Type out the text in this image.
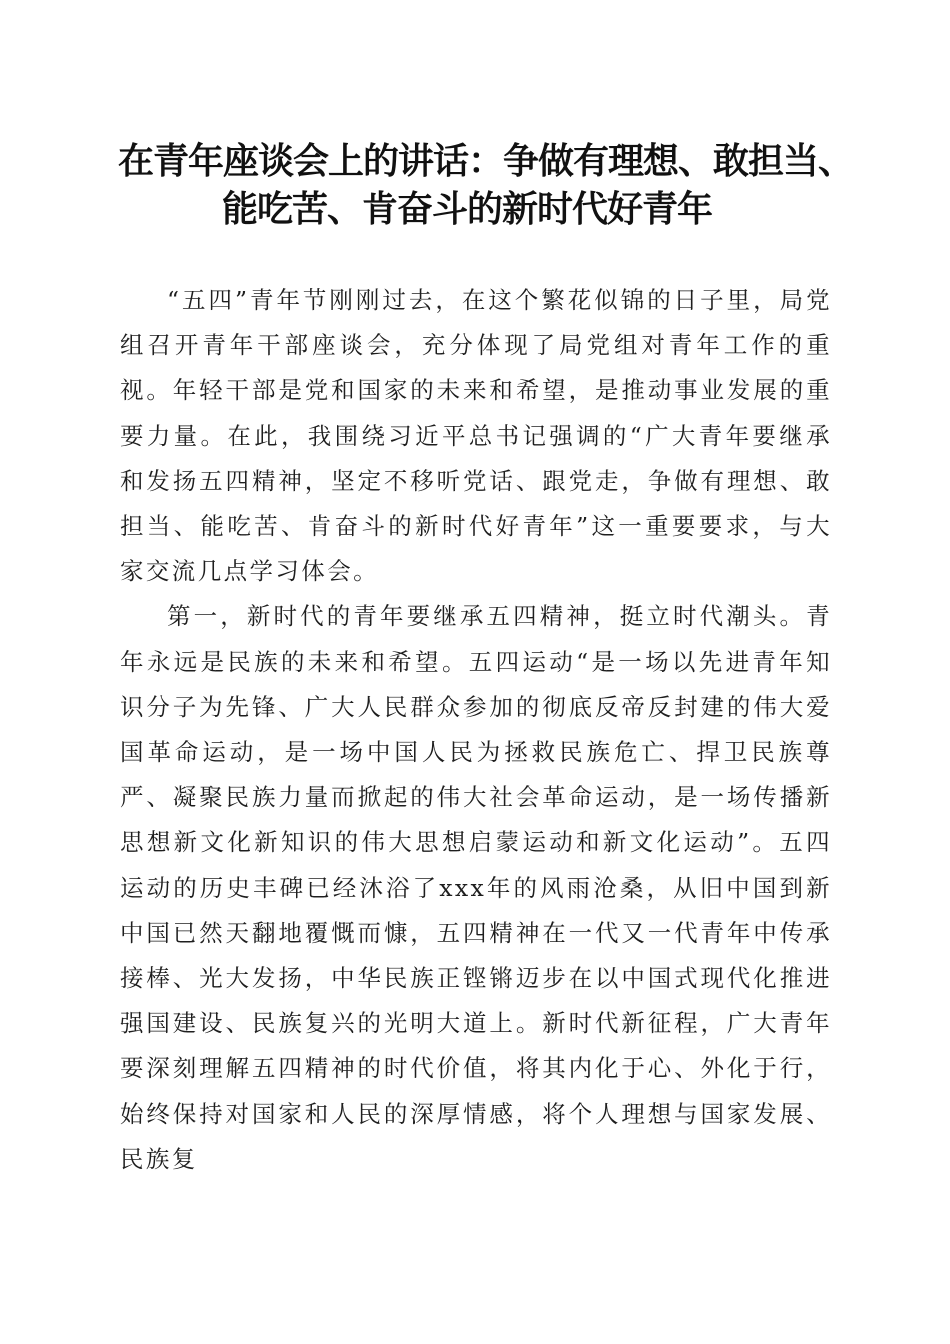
在青年座谈会上的讲话：争做有理想、敢担当、
能吃苦、肯奋斗的新时代好青年

“五四”青年节刚刚过去，在这个繁花似锦的日子里，局党组召开青年干部座谈会，充分体现了局党组对青年工作的重视。年轻干部是党和国家的未来和希望，是推动事业发展的重要力量。在此，我围绕习近平总书记强调的“广大青年要继承和发扬五四精神，坚定不移听党话、跟党走，争做有理想、敢担当、能吃苦、肯奋斗的新时代好青年”这一重要要求，与大家交流几点学习体会。

第一，新时代的青年要继承五四精神，挺立时代潮头。青年永远是民族的未来和希望。五四运动“是一场以先进青年知识分子为先锋、广大人民群众参加的彻底反帝反封建的伟大爱国革命运动，是一场中国人民为拯救民族危亡、捍卫民族尊严、凝聚民族力量而掀起的伟大社会革命运动，是一场传播新思想新文化新知识的伟大思想启蒙运动和新文化运动”。五四运动的历史丰碑已经沐浴了xxx年的风雨沧桑，从旧中国到新中国已然天翻地覆慨而慷，五四精神在一代又一代青年中传承接棒、光大发扬，中华民族正铿锵迈步在以中国式现代化推进强国建设、民族复兴的光明大道上。新时代新征程，广大青年要深刻理解五四精神的时代价值，将其内化于心、外化于行，始终保持对国家和人民的深厚情感，将个人理想与国家发展、民族复
